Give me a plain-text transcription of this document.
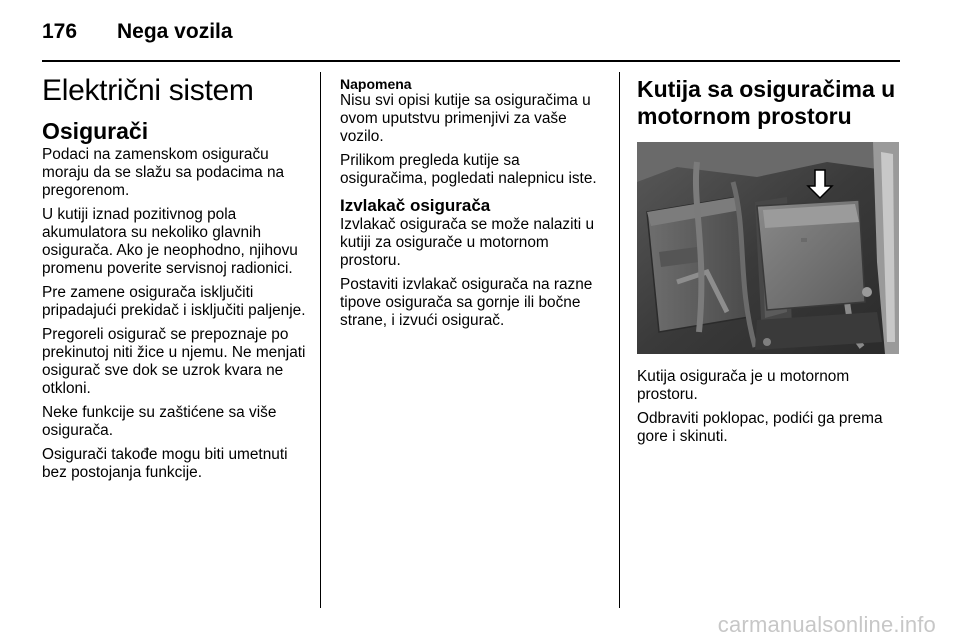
176 Nega vozila
Električni sistem
Osigurači

Podaci na zamenskom osiguraču moraju da se slažu sa podacima na pregorenom.

U kutiji iznad pozitivnog pola akumulatora su nekoliko glavnih osigurača. Ako je neophodno, njihovu promenu poverite servisnoj radionici.

Pre zamene osigurača isključiti pripadajući prekidač i isključiti paljenje.

Pregoreli osigurač se prepoznaje po prekinutoj niti žice u njemu. Ne menjati osigurač sve dok se uzrok kvara ne otkloni.

Neke funkcije su zaštićene sa više osigurača.

Osigurači takođe mogu biti umetnuti bez postojanja funkcije.

Napomena

Nisu svi opisi kutije sa osiguračima u ovom uputstvu primenjivi za vaše vozilo.

Prilikom pregleda kutije sa osiguračima, pogledati nalepnicu iste.

Izvlakač osigurača

Izvlakač osigurača se može nalaziti u kutiji za osigurače u motornom prostoru.

Postaviti izvlakač osigurača na razne tipove osigurača sa gornje ili bočne strane, i izvući osigurač.

Kutija sa osiguračima u motornom prostoru

Kutija osigurača je u motornom prostoru.

Odbraviti poklopac, podići ga prema gore i skinuti.

carmanualsonline.info
